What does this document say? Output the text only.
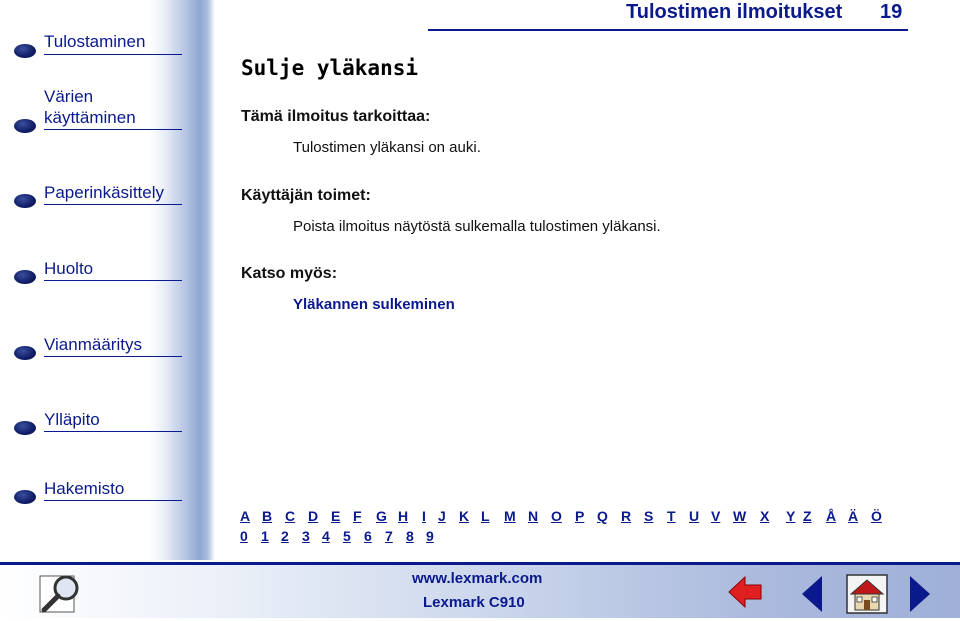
Tulostaminen
Värien
käyttäminen
Paperinkäsittely
Huolto
Vianmääritys
Ylläpito
Hakemisto
Tulostimen ilmoitukset 19
Sulje yläkansi
Tämä ilmoitus tarkoittaa:
Tulostimen yläkansi on auki.
Käyttäjän toimet:
Poista ilmoitus näytöstä sulkemalla tulostimen yläkansi.
Katso myös:
Yläkannen sulkeminen
A B C D E F G H I J K L M N O P Q R S T U V W X Y Z Å Ä Ö
0 1 2 3 4 5 6 7 8 9
www.lexmark.com
Lexmark C910
